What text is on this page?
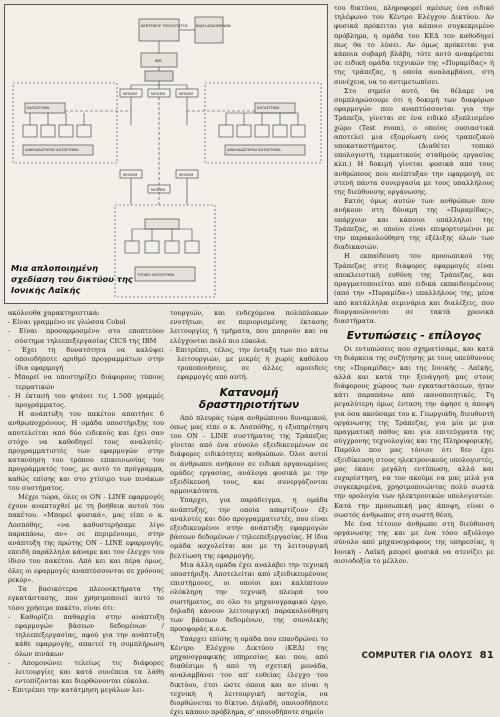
ΚΕΝΤΡΙΚΟΣ ΥΠΟΛΟΓΙΣΤΗΣ ΒΑΣΗ ΔΕΔΟΜΕΝΩΝ
IBM
MODEM	MODEM	MODEM
MODEM	MODEM
MODEM
ΚΑΤΑΣΤΗΜΑ	ΚΑΤΑΣΤΗΜΑ
ΔΙΑΚΛΑΔΩΤΗΡΑΣ ΚΑΤΑΣΤΗΜΑ	ΔΙΑΚΛΑΔΩΤΗΡΑΣ ΚΑΤΑΣΤΗΜΑ
ΤΟΠΙΚΟ ΚΑΤΑΣΤΗΜΑ
Μια απλοποιημένη σχεδίαση του δικτύου της Ιονικής Λαϊκής

ακόλουθα χαρακτηριστικά:

- Είναι γραμμένο σε γλώσσα Cobol
- Είναι προσαρμοσμένο στο εποπτεύον σύστημα τηλεεπεξεργασίας CICS της IBM
- Έχει τη δυνατότητα να καλύψει οποιοδήποτε αριθμό προγραμμάτων στην ίδια εφαρμογή
- Μπορεί να υποστηρίξει διάφορους τύπους τερματικών
- Η έκτασή του φτάνει τις 1.500 γραμμές προγράμματος.

Η ανάπτυξη του πακέτου απαιτήσε 6 ανθρωποχρόνους. Η ομάδα υποστήριξης του αποτελείται από δύο ειδικούς και έχει σαν στόχο να καθοδηγεί τους αναλυτές-προγραμματιστές των εφαρμογών στην κατανόηση του τρόπου επικοινωνίας του προγράμματός τους, με αυτό το πρόγραμμα, καθώς επίσης και στο χτίσιμο των πινάκων του συστήματος.

Μέχρι τώρα, όλες οι ΟΝ - LINE εφαρμογές έχουν αναπτυχθεί με τη βοήθεια αυτού του πακέτου. «Μπορεί φυσικά», μας είπε ο κ. Λοσπόθης, «να καθυστερήσαμε λίγο παραπάνω, αν» σε περιμένουμε, στην ανάπτυξη της πρώτης ΟΝ - LINE εφαρμογής, επειδή παράλληλα κάναμε και τον έλεγχο του ίδιου του πακέτου. Από κει και πέρα όμως, όλες οι εφαρμογές αναπτύσσονται σε χρόνους ρεκόρ».

Τα βασικότερα πλεονεκτήματα της εγκατάστασης, που χρησιμοποιεί αυτό το τόσο χρήσιμο πακέτο, είναι ότι:

- Καθορίζει παθαρχία στην ανάπτυξη εφαρμογών βάσεων δεδομένων / τηλεεπεξεργασίας, αφού για την ανάπτυξη κάθε εφαρμογής, απαιτεί τη συμπλήρωση όλων πινάκων
- Απομονώνει τελείως τις διάφορες λειτουργίες και κατά συνέπεια τα λάθη εντοπίζονται και διορθώνονται εύκολα.
- Επιτρέπει την κατάτμηση μεγάλων λει-

τουργιών, και ενδεχόμενα πολύπλοκων ενοτήτων, σε περιορισμένης έκτασης λειτουργίες ή τμήματα, που μπορούν και να ελέγχονται πολύ πιο εύκολα.

- Επιτρέπει, τέλος, την ένταξη των πιο κάτω λειτουργιών, με μικρές ή χωρίς καθόλου τροποποιήσεις, σε άλλες ομοειδείς εφαρμογές από αυτή.
Κατανομή δραστηριοτήτων

Από πλευράς τώρα ανθρώπινου δυναμικού, όπως μας είπε ο κ. Λοσπόθης, η εξυπηρέτηση του ΟΝ - LINE συστήματος της Τράπεζας γίνεται από ένα σύνολο εξειδικευμένων σε διάφορες ειδικότητες ανθρώπων. Όλοι αυτοί οι άνθρωποι ανήκουν σε ειδικά οργανωμένες ομάδες εργασίας, ανάλογα φυσικά με την εξειδίκευσή τους, και συνεργάζονται αρμονικότατα.

Υπάρχει, για παράδειγμα, η ομάδα ανάπτυξης, την οποία απαρτίζουν έξι αναλυτές και δύο προγραμματιστές, που είναι εξειδικευμένοι στην ανάπτυξη εφαρμογών βάσεων δεδομένων / τηλεεπεξεργασίας. Η ίδια ομάδα ασχολείται και με τη λειτουργική βελτίωση της εφαρμογής.

Μια άλλη ομάδα έχει αναλάβει την τεχνική υποστήριξη. Αποτελείται από εξειδικευμένους επιστήμονες, οι οποίοι και καλύπτουν ολόκληρη την τεχνική πλευρά του συστήματος, σε όλο το μηχανογραφικό έργο, δηλαδή κάνουν λειτουργική παρακολούθηση των βάσεων δεδομένων, της συνολικής προσφοράς κ.ο.κ.

Υπάρχει επίσης η ομάδα που επανδρώνει το Κέντρο Ελέγχου Δικτύου (ΚΕΔ) της μηχανογραφικής υπηρεσίας και που, από διαθέσιμο ή από τη σχετική μονάδα, αναλαμβάνει τον απ' ευθείας έλεγχο του δικτύου, έτσι ώστε όποια και αν είναι η τεχνική ή λειτουργική αστοχία, να διορθώνεται το δίκτυο. Δηλαδή, οποιοσδήποτε έχει κάποιο πρόβλημα, σ' οποιοδήποτε σημείο

του δικτύου, πληροφορεί αμέσως ένα ειδικό τηλέφωνο του Κέντρο Ελέγχου Δικτύου. Αν φυσικά πρόκειται για κάποιο συγκεκριμένο πρόβλημα, η ομάδα του ΚΕΔ τον καθοδηγεί πως θα το λύσει. Αν όμως πρόκειται για κάποια σοβαρή βλάβη, τότε αυτό αναφέρεται σε ειδική ομάδα τεχνικών της «Πυραμίδας» ή της τράπεζας, η οποία αναλαμβάνει, στη συνέχεια, να το αντιμετωπίσει.

Στο σημείο αυτό, θα θέλαμε να συμπληρώσουμε ότι η δοκιμή των διαφόρων εφαρμογών που αναπτύσσονται για την Τράπεζα, γίνεται σε ένα ειδικό εξοπλισμένο χώρο (Test room), ο οποίος ουσιαστικά αποτελεί μια εξομοίωση ενός τραπεζικού υποκαταστήματος. (Διαθέτει τοπικό υπολογιστή, τερματικούς σταθμούς εργασίας κλπ.) Η δοκιμή γίνεται φυσικά από τους ανθρώπους που ανέπτυξαν την εφαρμογή, σε στενή πάντα συνεργασία με τους υπαλλήλους της διεύθυνσης οργάνωσης.

Εκτός όμως αυτών των ανθρώπων που ανήκουν στη δύναμη της «Πυραμίδας», υπάρχουν και κάποιοι υπάλληλοι της Τράπεζας, οι οποίοι είναι επιφορτισμένοι με την παρακολούθηση της εξέλιξης όλων των διαδικασιών.

Η εκπαίδευση του προσωπικού της Τράπεζας στις διάφορες εφαρμογές είναι αποκλειστική ευθύνη της Τράπεζας, και πραγματοποιείται από ειδικά εκπαιδευμένους (από την «Πυραμίδα») υπαλλήλους της, μέσα από κατάλληλα σεμινάρια και διαλέξεις, που διοργανώνονται σε τακτά χρονικά διαστήματα.

Εντυπώσεις - επίλογος

Οι εντυπώσεις που σχηματίσαμε, και κατά τη διάρκεια της συζήτησης με τους υπεύθυνους της «Πυραμίδας» και της Ιονικής - Λαϊκής, αλλά και κατά την ξενάγησή μας στους διάφορους χώρους των εγκαταστάσεων, ήταν κάτι παραπάνω από ικανοποιητικές. Τη μεγαλύτερη όμως ένταση την άφησε η άποψη για όσα ακούσαμε του κ. Γεωργιάδη, διευθυντή οργάνωσης της Τράπεζας, για μία με μια πραγματική πάθος και για επιτεύγματα της σύγχρονης τεχνολογίας και της Πληροφορικής. Παρόλο που μας τόνισε ότι δεν έχει εξειδίκευση στους ηλεκτρονικούς υπολογιστές, μας έκανε μεγάλη εντύπωση, αλλά και ευχαρίστηση, να τον ακούμε να μας μιλά για συγκεκριμένα, χρησιμοποιώντας πολύ σωστά την ορολογία των ηλεκτρονικών υπολογιστών. Κατά την προσωπική μας άποψη, είναι ο σωστός άνθρωπος στη σωστή θέση.

Με ένα τέτοιον άνθρωπο στη διεύθυνση οργάνωσης της και με ένα τόσο αξιόλογο σύνολο από μηχανογράφους της υπηρεσίας, η Ιονική - Λαϊκή μπορεί φυσικά να ατενίζει με αισιοδοξία το μέλλον.

COMPUTER ΓΙΑ ΟΛΟΥΣ 81
